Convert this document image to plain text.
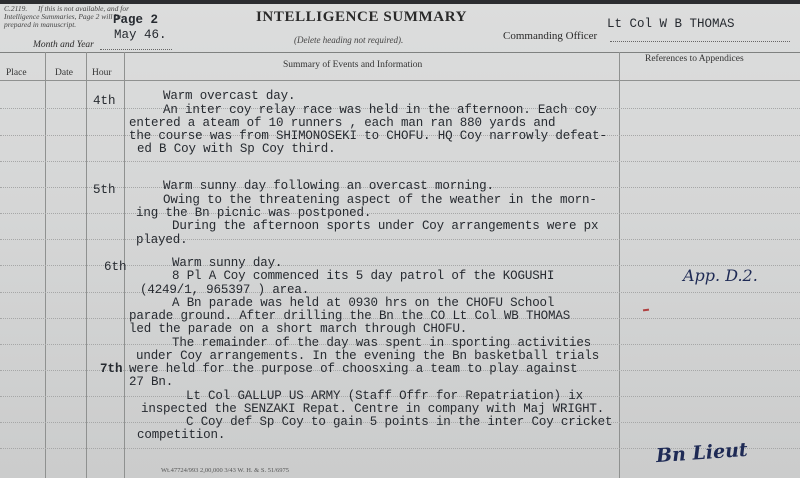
C.2119. If this is not available, and for
Intelligence Summaries, Page 2 will be
prepared in manuscript.	Page 2
May 46.
Month and Year
INTELLIGENCE SUMMARY
(Delete heading not required).
Lt Col W B THOMAS
Commanding Officer
Place	Date Hour
Summary of Events and Information
References to Appendices
4th	Warm overcast day.
An inter coy relay race was held in the afternoon. Each coy
entered a ateam of 10 runners , each man ran 880 yards and
the course was from SHIMONOSEKI to CHOFU. HQ Coy narrowly defeat-
ed B Coy with Sp Coy third.
5th	Warm sunny day following an overcast morning.
Owing to the threatening aspect of the weather in the morn-
ing the Bn picnic was postponed.
During the afternoon sports under Coy arrangements were px
played.
6th	Warm sunny day.
8 Pl A Coy commenced its 5 day patrol of the KOGUSHI
(4249/1, 965397 ) area.
A Bn parade was held at 0930 hrs on the CHOFU School
parade ground. After drilling the Bn the CO Lt Col WB THOMAS
led the parade on a short march through CHOFU.
The remainder of the day was spent in sporting activities
under Coy arrangements. In the evening the Bn basketball trials
were held for the purpose of choosxing a team to play against
27 Bn.
7th
Lt Col GALLUP US ARMY (Staff Offr for Repatriation) ix
inspected the SENZAKI Repat. Centre in company with Maj WRIGHT.
C Coy def Sp Coy to gain 5 points in the inter Coy cricket
competition.
App. D.2.
Bn Lieut
Wt.47724/993 2,00,000 3/43 W. H. & S. 51/6975
